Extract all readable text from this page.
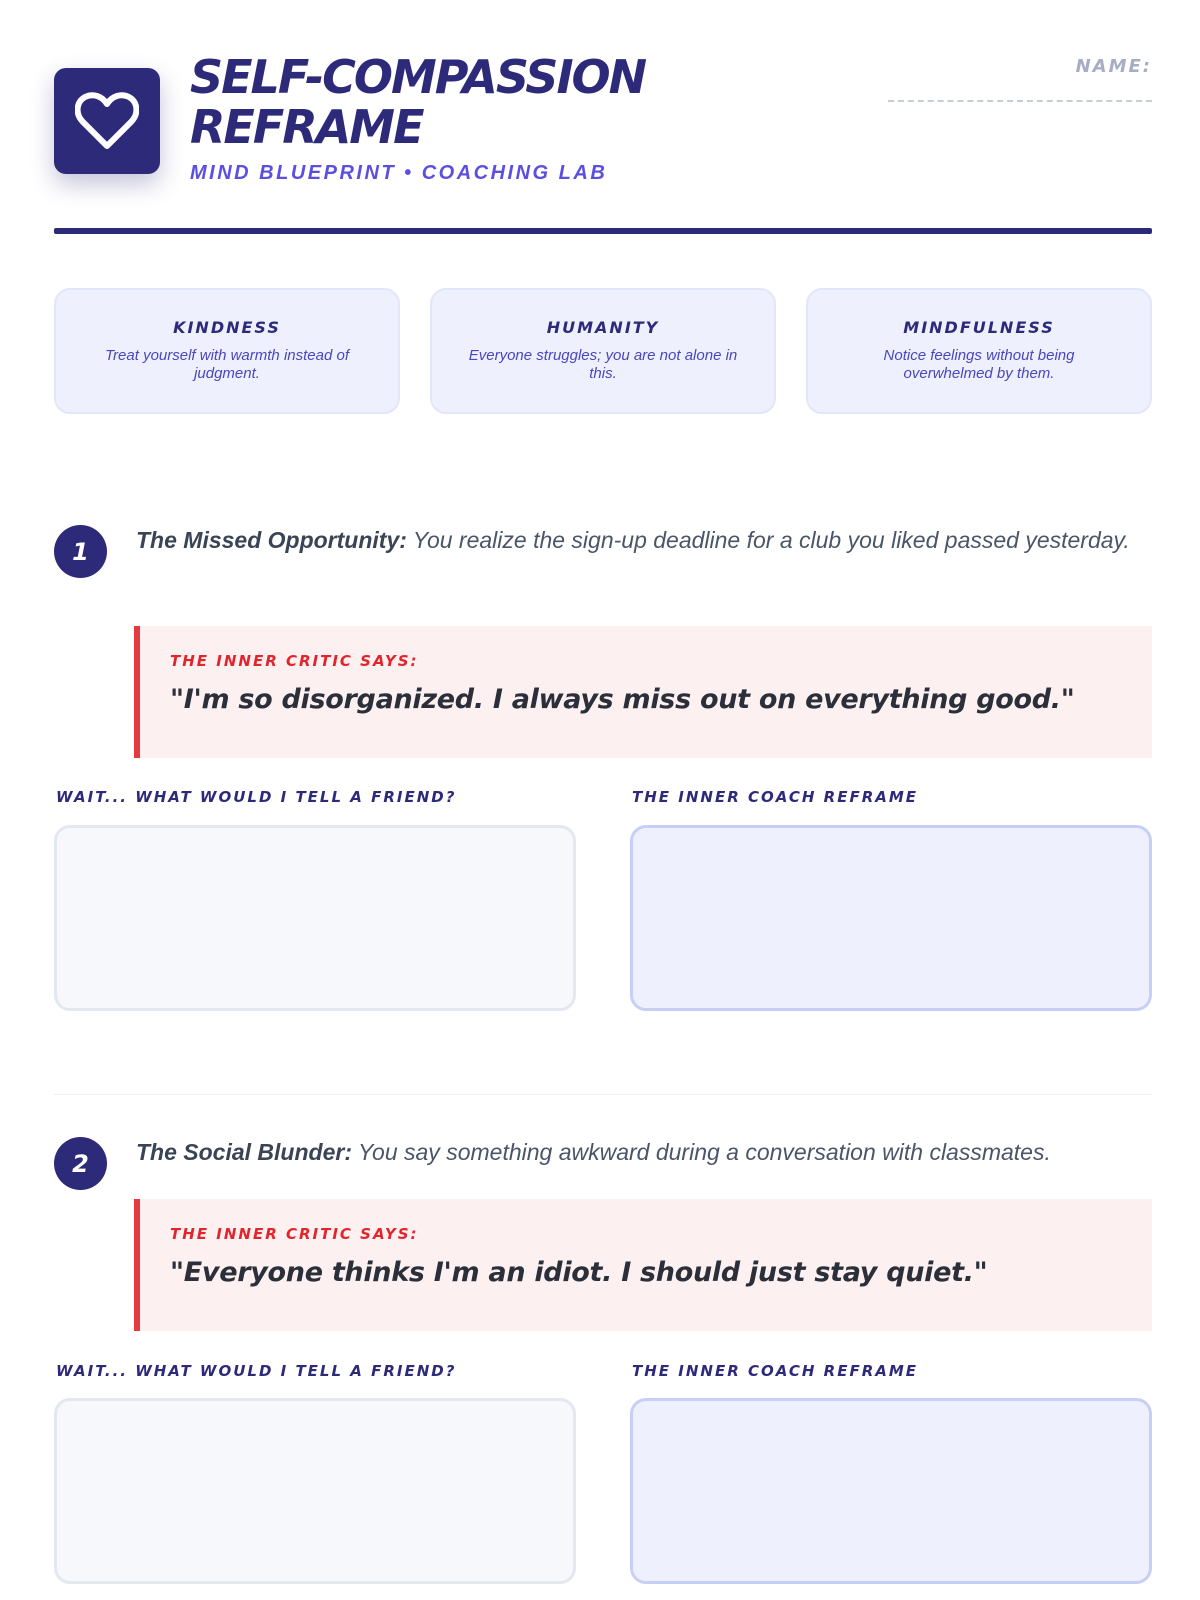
SELF-COMPASSION REFRAME
MIND BLUEPRINT • COACHING LAB
NAME:
KINDNESS

Treat yourself with warmth instead of judgment.

HUMANITY

Everyone struggles; you are not alone in this.

MINDFULNESS

Notice feelings without being overwhelmed by them.

1	The Missed Opportunity: You realize the sign-up deadline for a club you liked passed yesterday.

THE INNER CRITIC SAYS:
"I'm so disorganized. I always miss out on everything good."
WAIT... WHAT WOULD I TELL A FRIEND?	THE INNER COACH REFRAME
2	The Social Blunder: You say something awkward during a conversation with classmates.

THE INNER CRITIC SAYS:
"Everyone thinks I'm an idiot. I should just stay quiet."
WAIT... WHAT WOULD I TELL A FRIEND?	THE INNER COACH REFRAME
